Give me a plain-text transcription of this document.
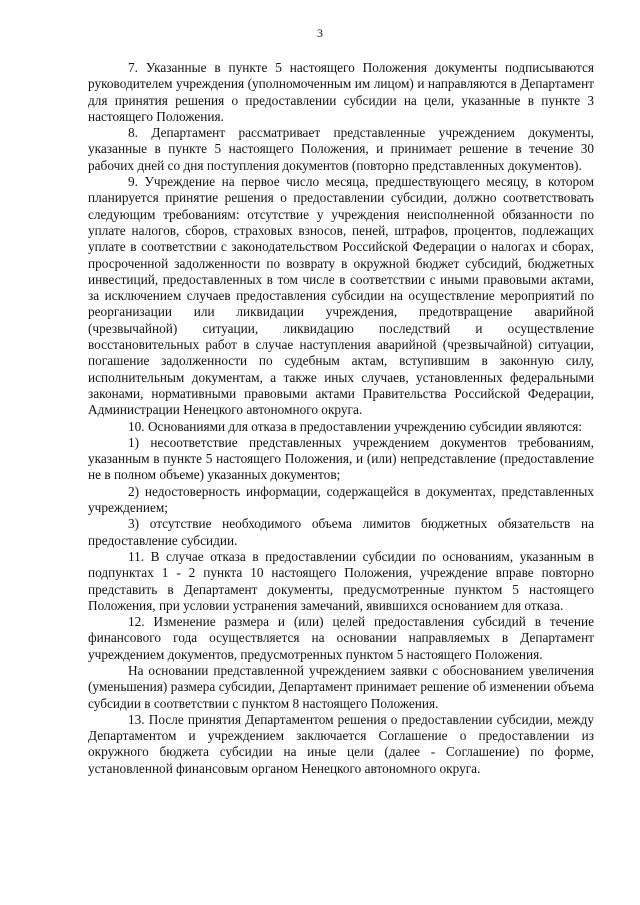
3

7. Указанные в пункте 5 настоящего Положения документы подписываются руководителем учреждения (уполномоченным им лицом) и направляются в Департамент для принятия решения о предоставлении субсидии на цели, указанные в пункте 3 настоящего Положения.

8. Департамент рассматривает представленные учреждением документы, указанные в пункте 5 настоящего Положения, и принимает решение в течение 30 рабочих дней со дня поступления документов (повторно представленных документов).

9. Учреждение на первое число месяца, предшествующего месяцу, в котором планируется принятие решения о предоставлении субсидии, должно соответствовать следующим требованиям: отсутствие у учреждения неисполненной обязанности по уплате налогов, сборов, страховых взносов, пеней, штрафов, процентов, подлежащих уплате в соответствии с законодательством Российской Федерации о налогах и сборах, просроченной задолженности по возврату в окружной бюджет субсидий, бюджетных инвестиций, предоставленных в том числе в соответствии с иными правовыми актами, за исключением случаев предоставления субсидии на осуществление мероприятий по реорганизации или ликвидации учреждения, предотвращение аварийной (чрезвычайной) ситуации, ликвидацию последствий и осуществление восстановительных работ в случае наступления аварийной (чрезвычайной) ситуации, погашение задолженности по судебным актам, вступившим в законную силу, исполнительным документам, а также иных случаев, установленных федеральными законами, нормативными правовыми актами Правительства Российской Федерации, Администрации Ненецкого автономного округа.

10. Основаниями для отказа в предоставлении учреждению субсидии являются:

1) несоответствие представленных учреждением документов требованиям, указанным в пункте 5 настоящего Положения, и (или) непредставление (предоставление не в полном объеме) указанных документов;

2) недостоверность информации, содержащейся в документах, представленных учреждением;

3) отсутствие необходимого объема лимитов бюджетных обязательств на предоставление субсидии.

11. В случае отказа в предоставлении субсидии по основаниям, указанным в подпунктах 1 - 2 пункта 10 настоящего Положения, учреждение вправе повторно представить в Департамент документы, предусмотренные пунктом 5 настоящего Положения, при условии устранения замечаний, явившихся основанием для отказа.

12. Изменение размера и (или) целей предоставления субсидий в течение финансового года осуществляется на основании направляемых в Департамент учреждением документов, предусмотренных пунктом 5 настоящего Положения.

На основании представленной учреждением заявки с обоснованием увеличения (уменьшения) размера субсидии, Департамент принимает решение об изменении объема субсидии в соответствии с пунктом 8 настоящего Положения.

13. После принятия Департаментом решения о предоставлении субсидии, между Департаментом и учреждением заключается Соглашение о предоставлении из окружного бюджета субсидии на иные цели (далее - Соглашение) по форме, установленной финансовым органом Ненецкого автономного округа.
